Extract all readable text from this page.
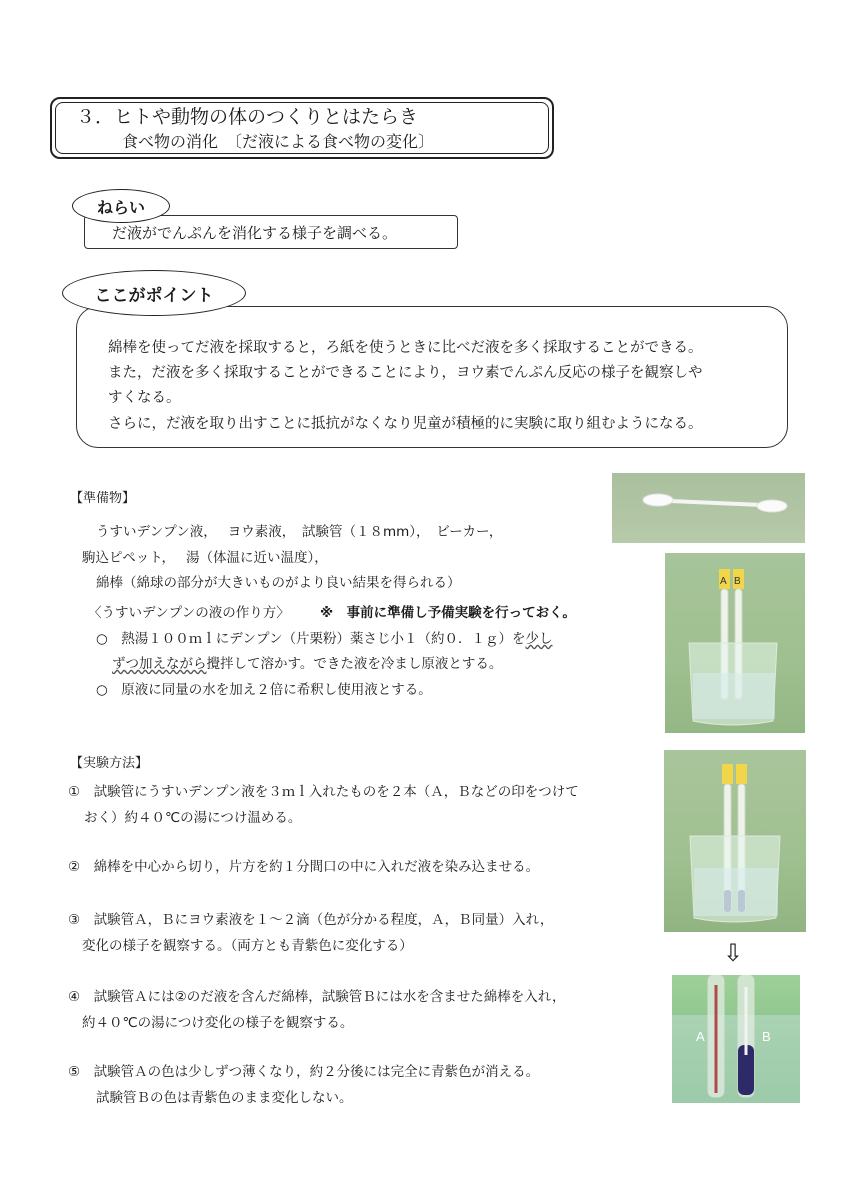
３．ヒトや動物の体のつくりとはたらき
食べ物の消化　〔だ液による食べ物の変化〕
だ液がでんぷんを消化する様子を調べる。
ねらい
ここがポイント
綿棒を使ってだ液を採取すると，ろ紙を使うときに比べだ液を多く採取することができる。
また，だ液を多く採取することができることにより，ヨウ素でんぷん反応の様子を観察しや
すくなる。
さらに，だ液を取り出すことに抵抗がなくなり児童が積極的に実験に取り組むようになる。
【準備物】
うすいデンプン液，　 ヨウ素液，　試験管（１８mm），　ビーカー，
駒込ピペット，　 湯（体温に近い温度），
綿棒（綿球の部分が大きいものがより良い結果を得られる）
〈うすいデンプンの液の作り方〉 ※　事前に準備し予備実験を行っておく。
○　熱湯１００ｍｌにデンプン（片栗粉）薬さじ小１（約０．１ｇ）を少し
ずつ加えながら攪拌して溶かす。できた液を冷まし原液とする。
○　原液に同量の水を加え２倍に希釈し使用液とする。
【実験方法】
①　試験管にうすいデンプン液を３ｍｌ入れたものを２本（Ａ，Ｂなどの印をつけて
おく）約４０℃の湯につけ温める。
②　綿棒を中心から切り，片方を約１分間口の中に入れだ液を染み込ませる。
③　試験管Ａ，Ｂにヨウ素液を１～２滴（色が分かる程度，Ａ，Ｂ同量）入れ，
変化の様子を観察する。（両方とも青紫色に変化する）
④　試験管Ａには②のだ液を含んだ綿棒，試験管Ｂには水を含ませた綿棒を入れ，
約４０℃の湯につけ変化の様子を観察する。
⑤　試験管Ａの色は少しずつ薄くなり，約２分後には完全に青紫色が消える。
試験管Ｂの色は青紫色のまま変化しない。
A B
⇩
A	B
